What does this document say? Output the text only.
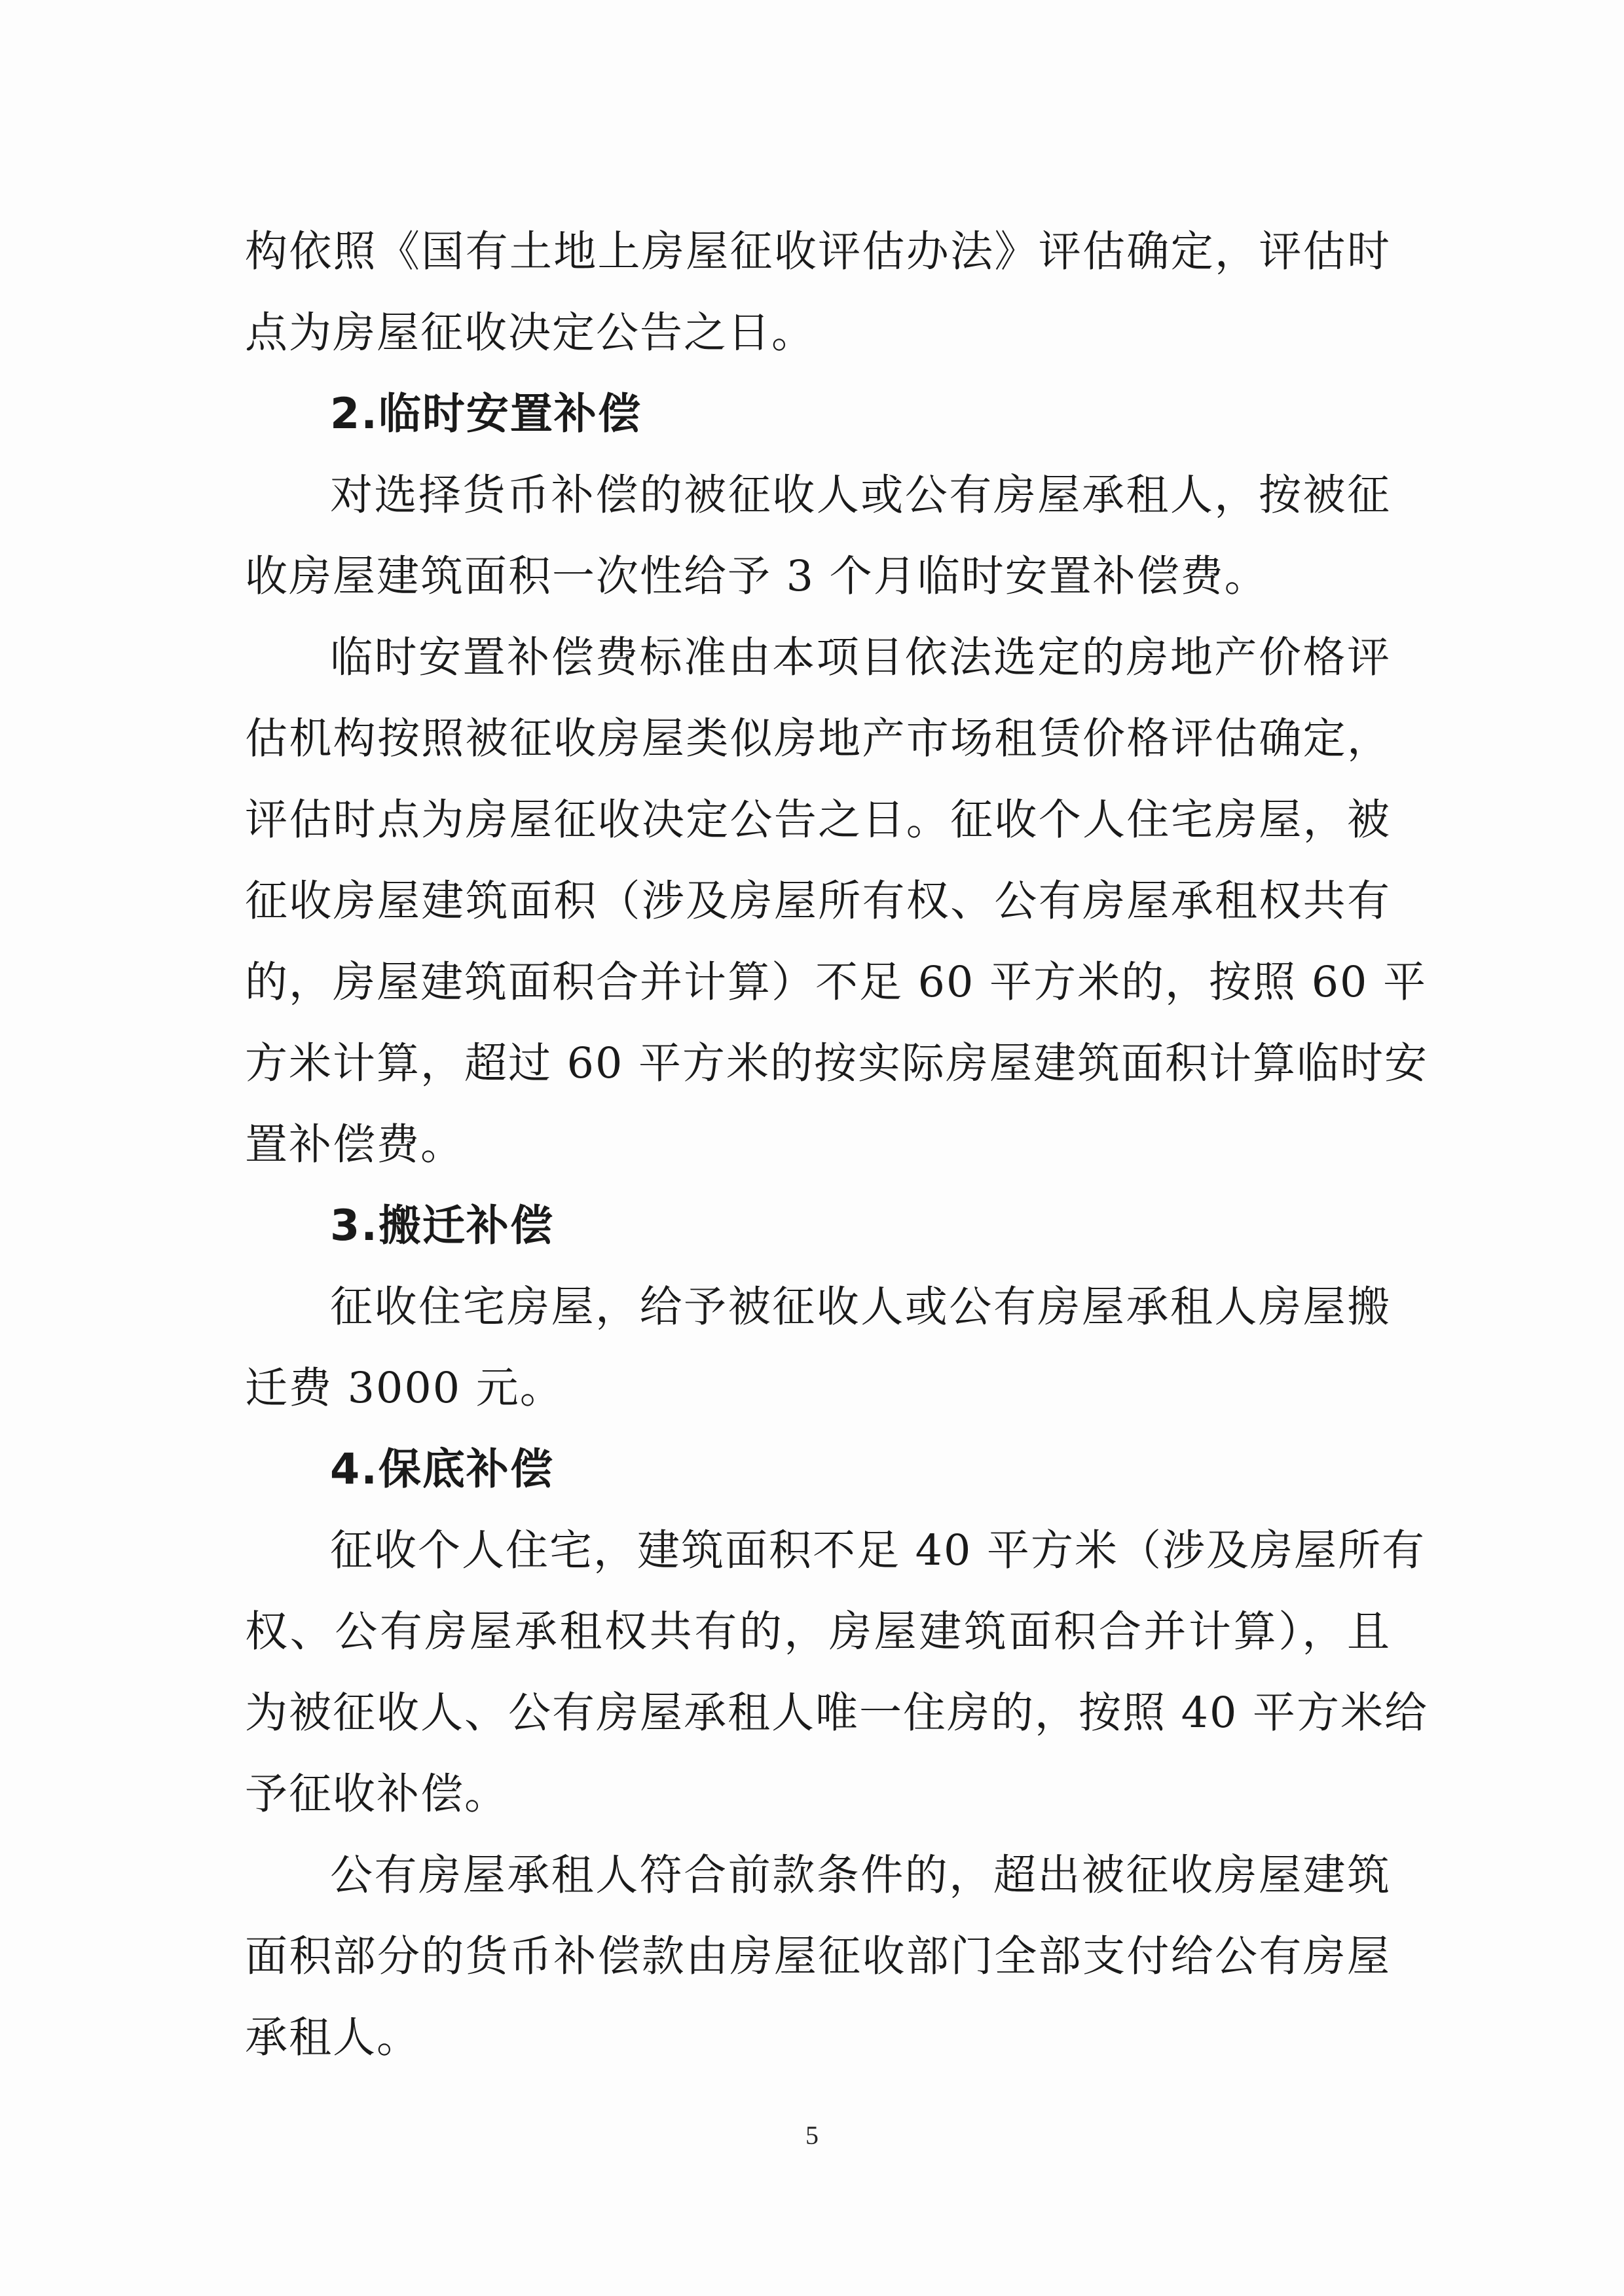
构依照《国有土地上房屋征收评估办法》评估确定，评估时
点为房屋征收决定公告之日。
2.临时安置补偿
对选择货币补偿的被征收人或公有房屋承租人，按被征
收房屋建筑面积一次性给予 3 个月临时安置补偿费。
临时安置补偿费标准由本项目依法选定的房地产价格评
估机构按照被征收房屋类似房地产市场租赁价格评估确定，
评估时点为房屋征收决定公告之日。征收个人住宅房屋，被
征收房屋建筑面积（涉及房屋所有权、公有房屋承租权共有
的，房屋建筑面积合并计算）不足 60 平方米的，按照 60 平
方米计算，超过 60 平方米的按实际房屋建筑面积计算临时安
置补偿费。
3.搬迁补偿
征收住宅房屋，给予被征收人或公有房屋承租人房屋搬
迁费 3000 元。
4.保底补偿
征收个人住宅，建筑面积不足 40 平方米（涉及房屋所有
权、公有房屋承租权共有的，房屋建筑面积合并计算），且
为被征收人、公有房屋承租人唯一住房的，按照 40 平方米给
予征收补偿。
公有房屋承租人符合前款条件的，超出被征收房屋建筑
面积部分的货币补偿款由房屋征收部门全部支付给公有房屋
承租人。
5
